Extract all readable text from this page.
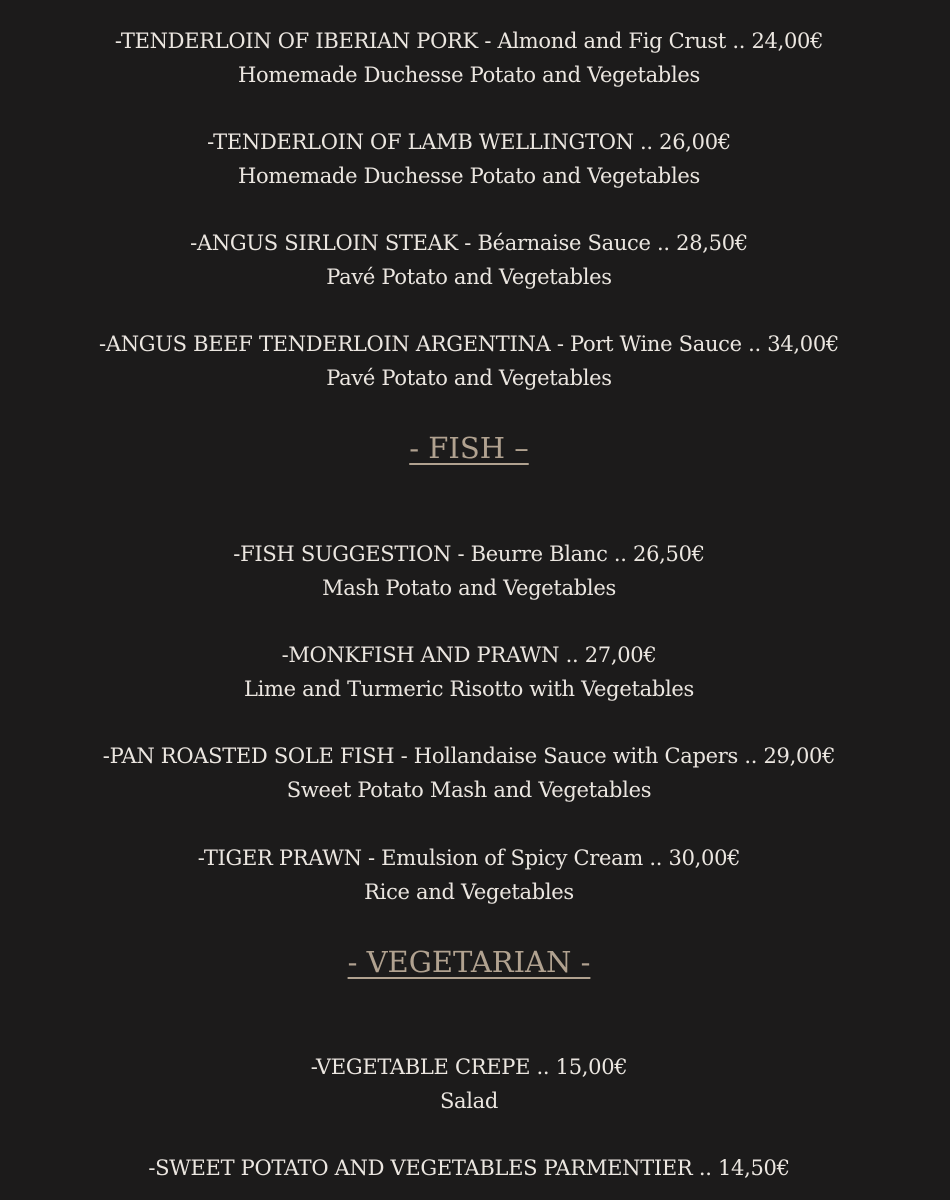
-TENDERLOIN OF IBERIAN PORK - Almond and Fig Crust .. 24,00€
Homemade Duchesse Potato and Vegetables
-TENDERLOIN OF LAMB WELLINGTON .. 26,00€
Homemade Duchesse Potato and Vegetables
-ANGUS SIRLOIN STEAK - Béarnaise Sauce .. 28,50€
Pavé Potato and Vegetables
-ANGUS BEEF TENDERLOIN ARGENTINA - Port Wine Sauce .. 34,00€
Pavé Potato and Vegetables
- FISH –
-FISH SUGGESTION - Beurre Blanc .. 26,50€
Mash Potato and Vegetables
-MONKFISH AND PRAWN .. 27,00€
Lime and Turmeric Risotto with Vegetables
-PAN ROASTED SOLE FISH - Hollandaise Sauce with Capers .. 29,00€
Sweet Potato Mash and Vegetables
-TIGER PRAWN - Emulsion of Spicy Cream .. 30,00€
Rice and Vegetables
- VEGETARIAN -
-VEGETABLE CREPE .. 15,00€
Salad
-SWEET POTATO AND VEGETABLES PARMENTIER .. 14,50€
